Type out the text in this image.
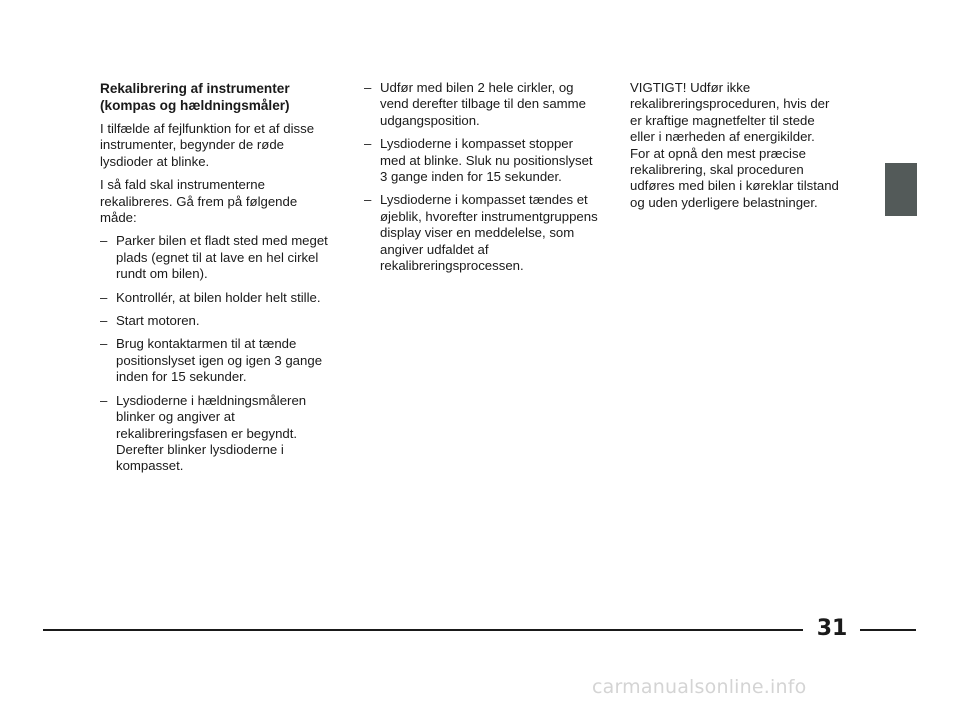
Rekalibrering af instrumenter
(kompas og hældningsmåler)
I tilfælde af fejlfunktion for et af disse instrumenter, begynder de røde lysdioder at blinke.
I så fald skal instrumenterne rekalibreres. Gå frem på følgende måde:
– Parker bilen et fladt sted med meget plads (egnet til at lave en hel cirkel rundt om bilen).
– Kontrollér, at bilen holder helt stille.
– Start motoren.
– Brug kontaktarmen til at tænde positionslyset igen og igen 3 gange inden for 15 sekunder.
– Lysdioderne i hældningsmåleren blinker og angiver at rekalibreringsfasen er begyndt. Derefter blinker lysdioderne i kompasset.
– Udfør med bilen 2 hele cirkler, og vend derefter tilbage til den samme udgangsposition.
– Lysdioderne i kompasset stopper med at blinke. Sluk nu positionslyset 3 gange inden for 15 sekunder.
– Lysdioderne i kompasset tændes et øjeblik, hvorefter instrumentgruppens display viser en meddelelse, som angiver udfaldet af rekalibreringsprocessen.
VIGTIGT! Udfør ikke
rekalibreringsproceduren, hvis der
er kraftige magnetfelter til stede
eller i nærheden af energikilder.
For at opnå den mest præcise
rekalibrering, skal proceduren
udføres med bilen i køreklar tilstand
og uden yderligere belastninger.
31
carmanualsonline.info
